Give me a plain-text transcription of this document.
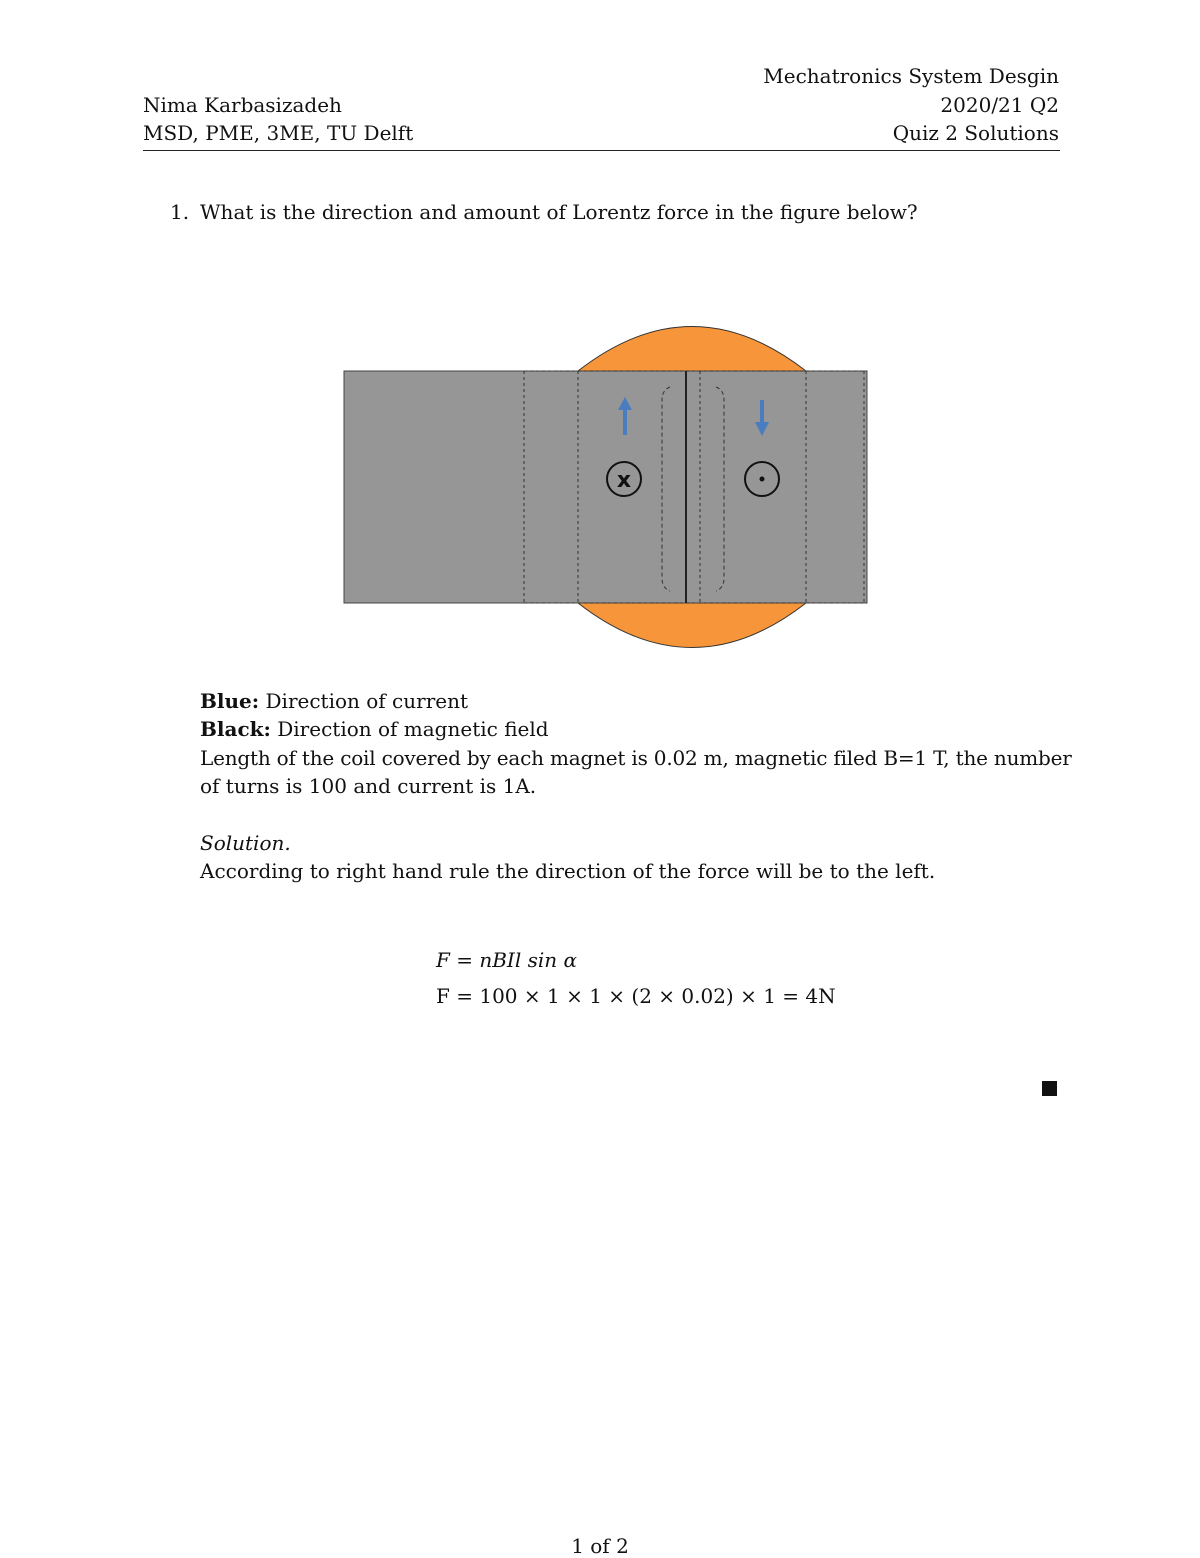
Mechatronics System Desgin
Nima Karbasizadeh	2020/21 Q2
MSD, PME, 3ME, TU Delft	Quiz 2 Solutions
1. What is the direction and amount of Lorentz force in the figure below?
x
Blue: Direction of current
Black: Direction of magnetic field
Length of the coil covered by each magnet is 0.02 m, magnetic filed B=1 T, the number
of turns is 100 and current is 1A.
Solution.
According to right hand rule the direction of the force will be to the left.
F = nBIl sin α
F = 100 × 1 × 1 × (2 × 0.02) × 1 = 4N
1 of 2
